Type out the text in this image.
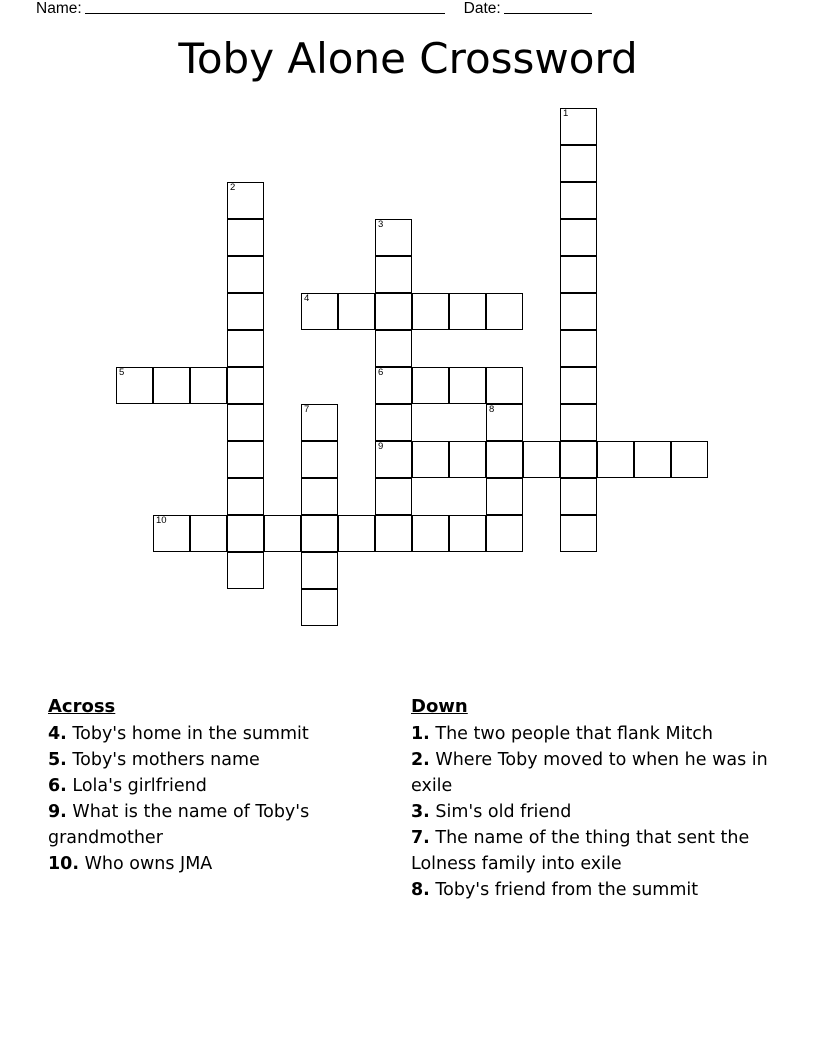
Name:	Date:
Toby Alone Crossword
1
2
3
6
9
4
5
7	8
10
Across

4. Toby's home in the summit

5. Toby's mothers name

6. Lola's girlfriend

9. What is the name of Toby's grandmother

10. Who owns JMA

Down

1. The two people that flank Mitch

2. Where Toby moved to when he was in exile

3. Sim's old friend

7. The name of the thing that sent the Lolness family into exile

8. Toby's friend from the summit
